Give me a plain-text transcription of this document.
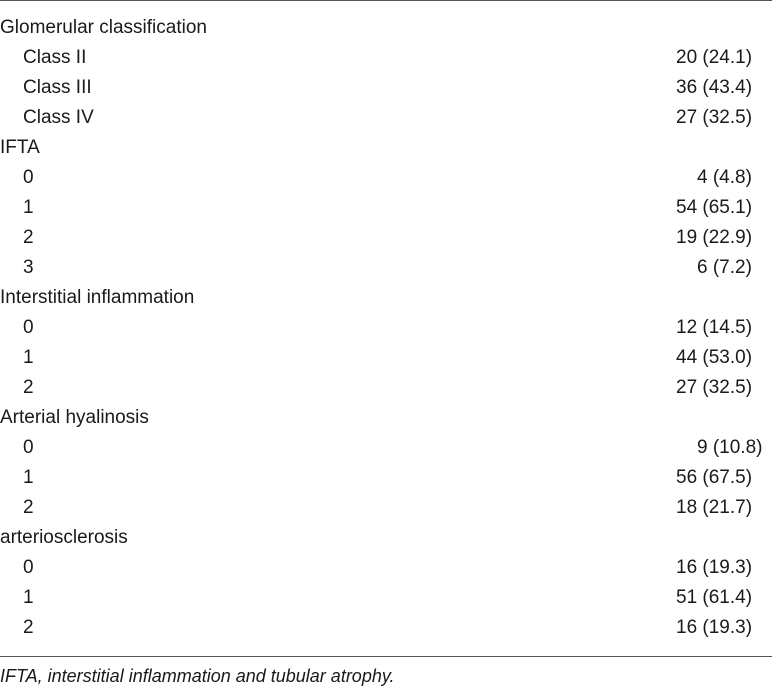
Glomerular classification
Class II	20 (24.1)
Class III	36 (43.4)
Class IV	27 (32.5)
IFTA
0	4 (4.8)
1	54 (65.1)
2	19 (22.9)
3	6 (7.2)
Interstitial inflammation
0	12 (14.5)
1	44 (53.0)
2	27 (32.5)
Arterial hyalinosis
0	9 (10.8)
1	56 (67.5)
2	18 (21.7)
arteriosclerosis
0	16 (19.3)
1	51 (61.4)
2	16 (19.3)
IFTA, interstitial inflammation and tubular atrophy.
